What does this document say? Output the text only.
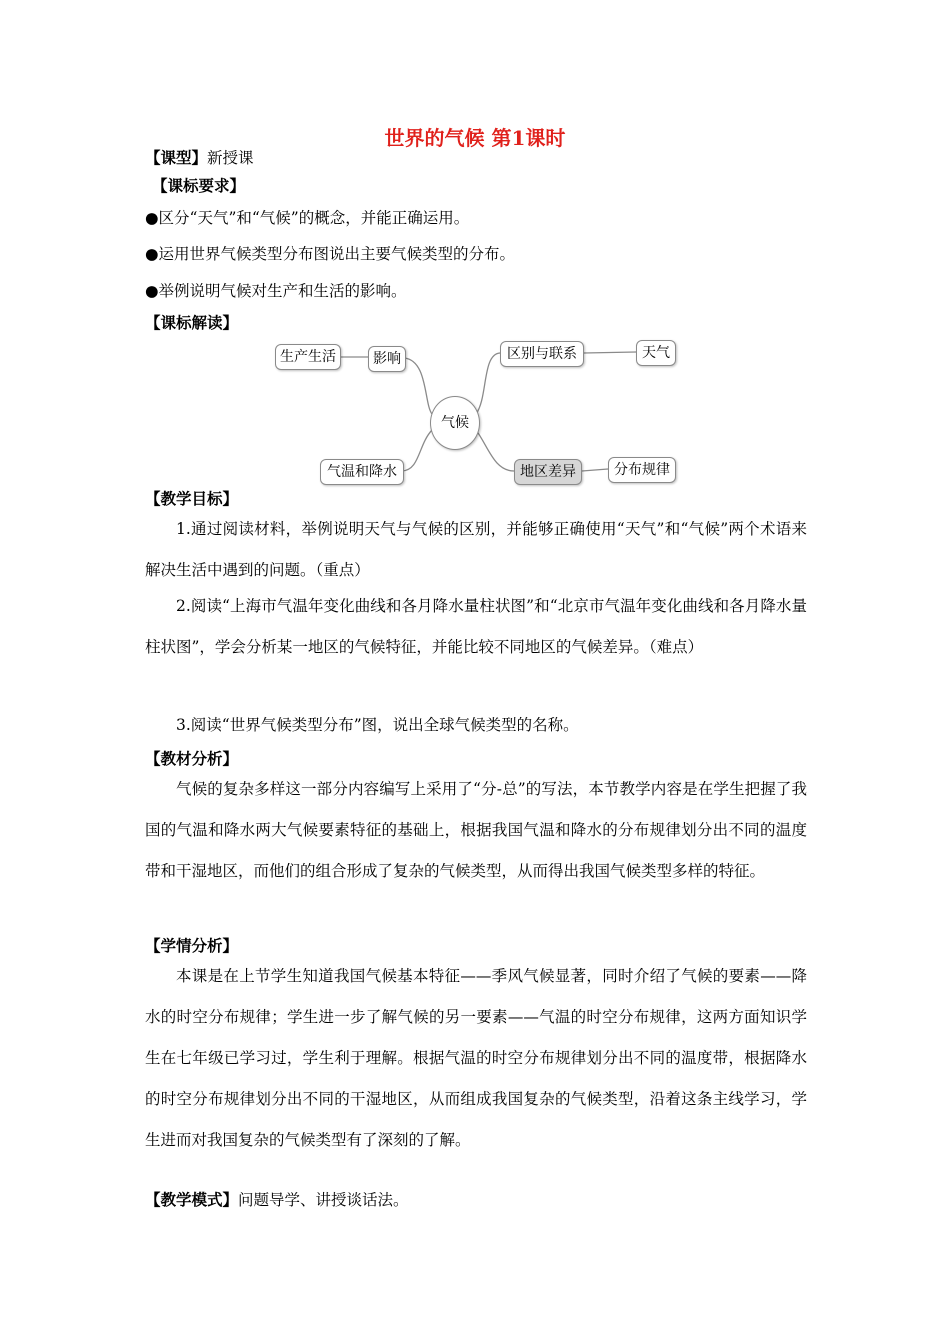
世界的气候 第1课时
【课型】新授课
【课标要求】
●区分“天气”和“气候”的概念，并能正确运用。
●运用世界气候类型分布图说出主要气候类型的分布。
●举例说明气候对生产和生活的影响。
【课标解读】
生产生活	影响
气候
区别与联系	天气
气温和降水	地区差异	分布规律
【教学目标】
1.通过阅读材料，举例说明天气与气候的区别，并能够正确使用“天气”和“气候”两个术语来解决生活中遇到的问题。（重点）
2.阅读“上海市气温年变化曲线和各月降水量柱状图”和“北京市气温年变化曲线和各月降水量柱状图”，学会分析某一地区的气候特征，并能比较不同地区的气候差异。（难点）
3.阅读“世界气候类型分布”图，说出全球气候类型的名称。
【教材分析】
气候的复杂多样这一部分内容编写上采用了“分-总”的写法，本节教学内容是在学生把握了我国的气温和降水两大气候要素特征的基础上，根据我国气温和降水的分布规律划分出不同的温度带和干湿地区，而他们的组合形成了复杂的气候类型，从而得出我国气候类型多样的特征。
【学情分析】
本课是在上节学生知道我国气候基本特征——季风气候显著，同时介绍了气候的要素——降水的时空分布规律；学生进一步了解气候的另一要素——气温的时空分布规律，这两方面知识学生在七年级已学习过，学生利于理解。根据气温的时空分布规律划分出不同的温度带，根据降水的时空分布规律划分出不同的干湿地区，从而组成我国复杂的气候类型，沿着这条主线学习，学生进而对我国复杂的气候类型有了深刻的了解。
【教学模式】问题导学、讲授谈话法。
